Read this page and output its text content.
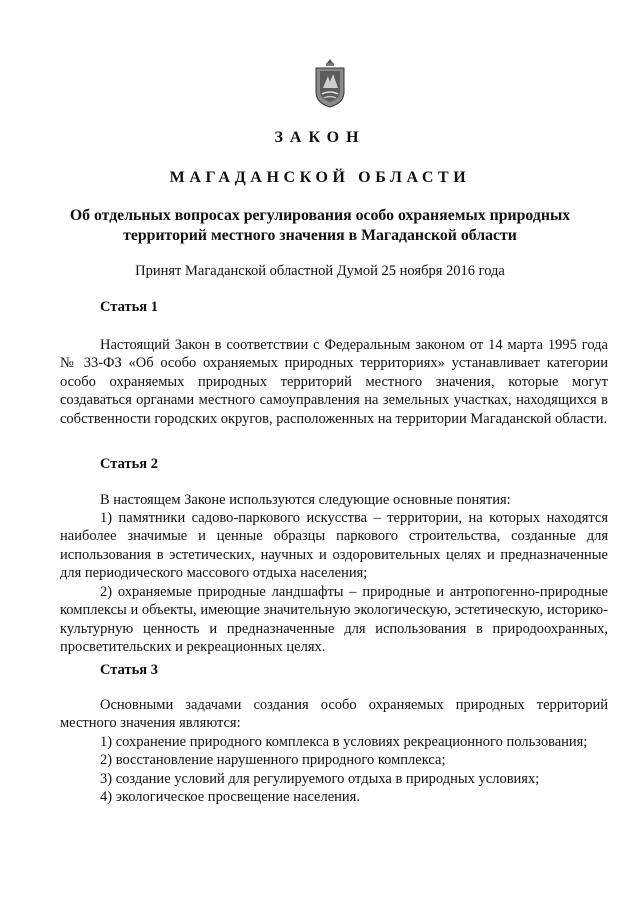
ЗАКОН
МАГАДАНСКОЙ ОБЛАСТИ
Об отдельных вопросах регулирования особо охраняемых природных территорий местного значения в Магаданской области
Принят Магаданской областной Думой 25 ноября 2016 года
Статья 1

Настоящий Закон в соответствии с Федеральным законом от 14 марта 1995 года № 33-ФЗ «Об особо охраняемых природных территориях» устанавливает категории особо охраняемых природных территорий местного значения, которые могут создаваться органами местного самоуправления на земельных участках, находящихся в собственности городских округов, расположенных на территории Магаданской области.

Статья 2

В настоящем Законе используются следующие основные понятия:

1) памятники садово-паркового искусства – территории, на которых находятся наиболее значимые и ценные образцы паркового строительства, созданные для использования в эстетических, научных и оздоровительных целях и предназначенные для периодического массового отдыха населения;

2) охраняемые природные ландшафты – природные и антропогенно-природные комплексы и объекты, имеющие значительную экологическую, эстетическую, историко-культурную ценность и предназначенные для использования в природоохранных, просветительских и рекреационных целях.

Статья 3

Основными задачами создания особо охраняемых природных территорий местного значения являются:

1) сохранение природного комплекса в условиях рекреационного пользования;

2) восстановление нарушенного природного комплекса;

3) создание условий для регулируемого отдыха в природных условиях;

4) экологическое просвещение населения.
